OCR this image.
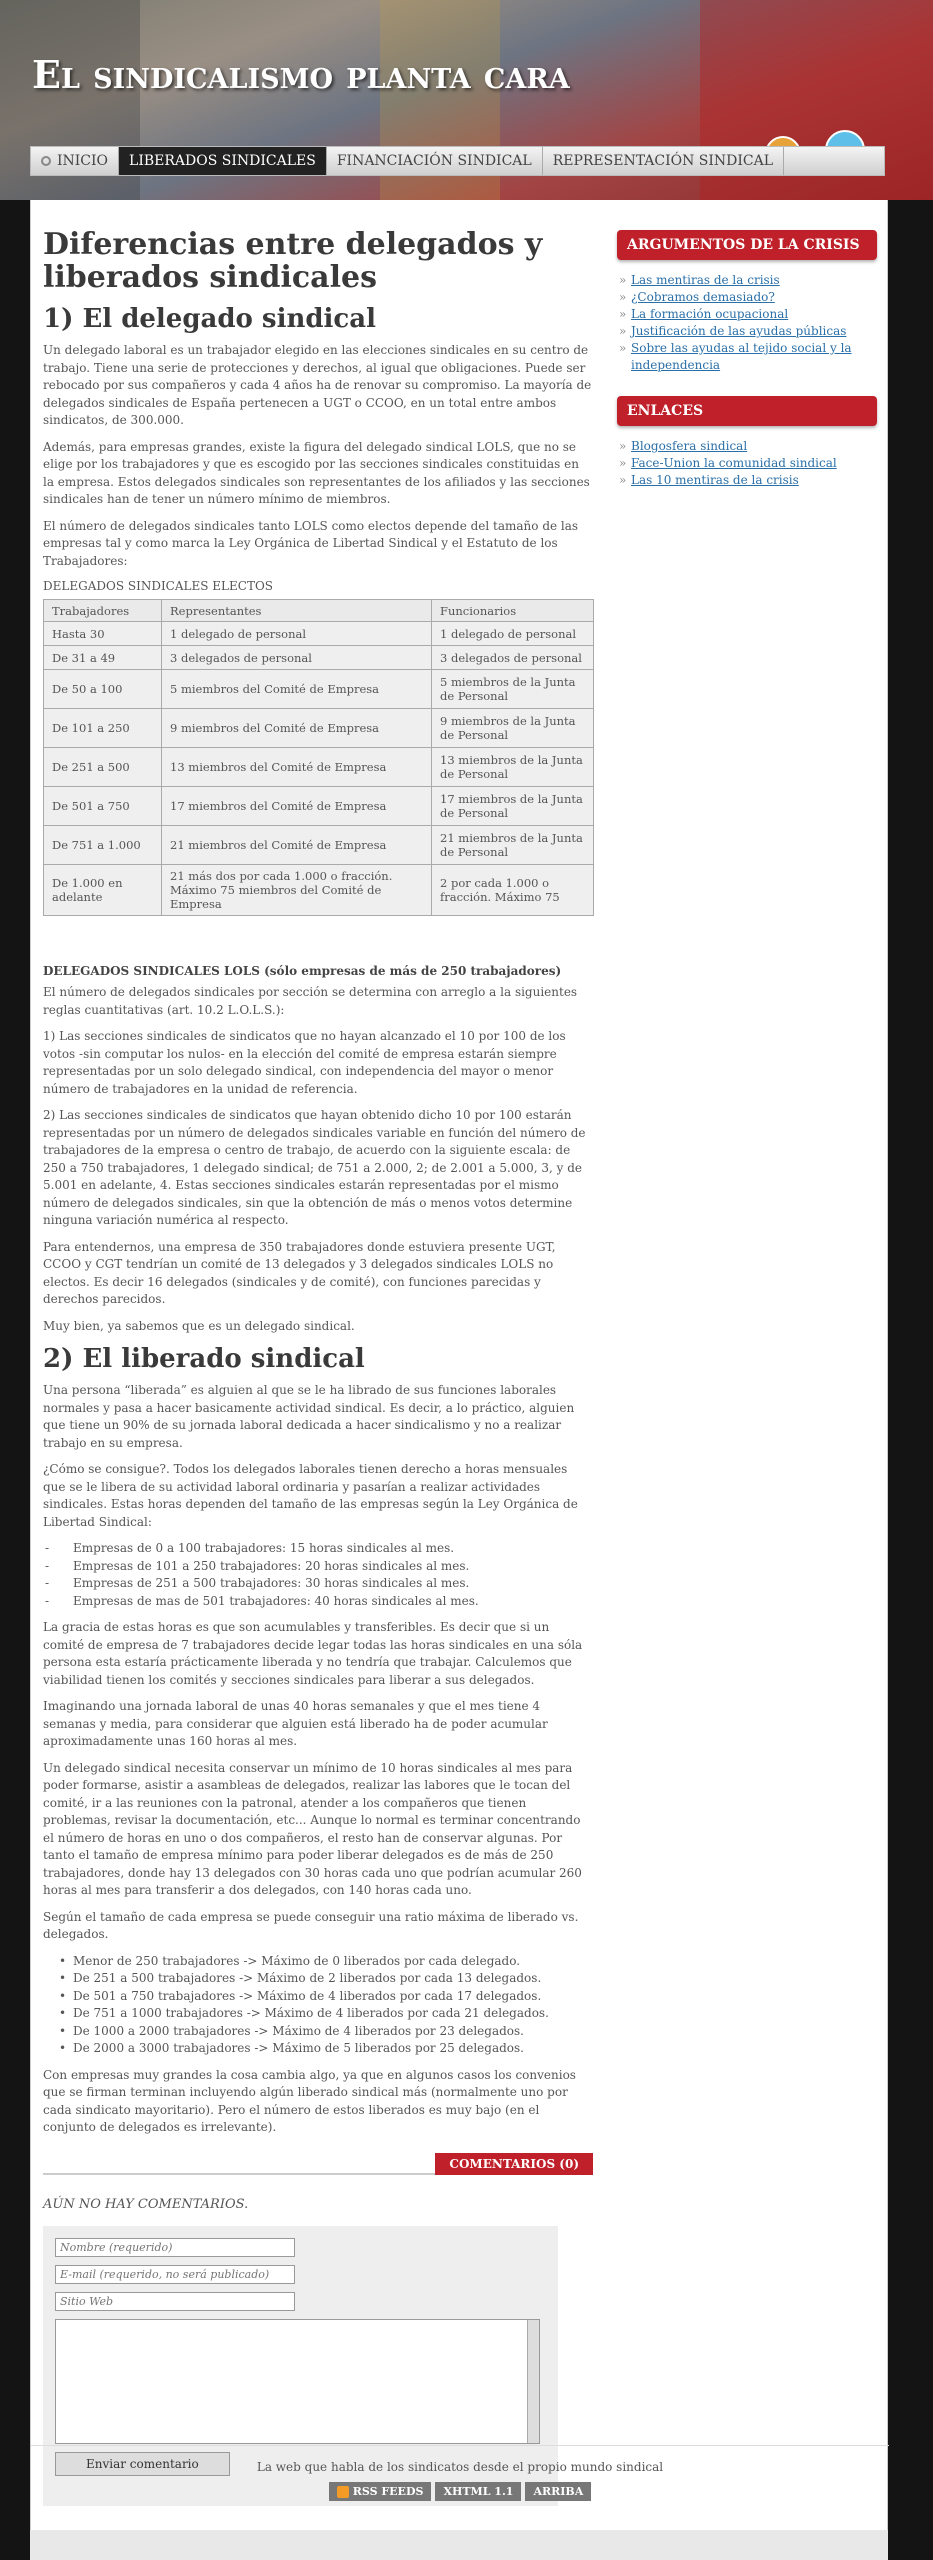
El sindicalismo planta cara
INICIO LIBERADOS SINDICALES FINANCIACIÓN SINDICAL REPRESENTACIÓN SINDICAL
Diferencias entre delegados y liberados sindicales
1) El delegado sindical

Un delegado laboral es un trabajador elegido en las elecciones sindicales en su centro de trabajo. Tiene una serie de protecciones y derechos, al igual que obligaciones. Puede ser rebocado por sus compañeros y cada 4 años ha de renovar su compromiso. La mayoría de delegados sindicales de España pertenecen a UGT o CCOO, en un total entre ambos sindicatos, de 300.000.

Además, para empresas grandes, existe la figura del delegado sindical LOLS, que no se elige por los trabajadores y que es escogido por las secciones sindicales constituidas en la empresa. Estos delegados sindicales son representantes de los afiliados y las secciones sindicales han de tener un número mínimo de miembros.

El número de delegados sindicales tanto LOLS como electos depende del tamaño de las empresas tal y como marca la Ley Orgánica de Libertad Sindical y el Estatuto de los Trabajadores:

DELEGADOS SINDICALES ELECTOS
Trabajadores	Representantes	Funcionarios
Hasta 30	1 delegado de personal	1 delegado de personal
De 31 a 49	3 delegados de personal	3 delegados de personal
De 50 a 100	5 miembros del Comité de Empresa	5 miembros de la Junta de Personal
De 101 a 250	9 miembros del Comité de Empresa	9 miembros de la Junta de Personal
De 251 a 500	13 miembros del Comité de Empresa	13 miembros de la Junta de Personal
De 501 a 750	17 miembros del Comité de Empresa	17 miembros de la Junta de Personal
De 751 a 1.000	21 miembros del Comité de Empresa	21 miembros de la Junta de Personal
De 1.000 en adelante	21 más dos por cada 1.000 o fracción. Máximo 75 miembros del Comité de Empresa	2 por cada 1.000 o fracción. Máximo 75
DELEGADOS SINDICALES LOLS (sólo empresas de más de 250 trabajadores)

El número de delegados sindicales por sección se determina con arreglo a la siguientes reglas cuantitativas (art. 10.2 L.O.L.S.):

1) Las secciones sindicales de sindicatos que no hayan alcanzado el 10 por 100 de los votos -sin computar los nulos- en la elección del comité de empresa estarán siempre representadas por un solo delegado sindical, con independencia del mayor o menor número de trabajadores en la unidad de referencia.

2) Las secciones sindicales de sindicatos que hayan obtenido dicho 10 por 100 estarán representadas por un número de delegados sindicales variable en función del número de trabajadores de la empresa o centro de trabajo, de acuerdo con la siguiente escala: de 250 a 750 trabajadores, 1 delegado sindical; de 751 a 2.000, 2; de 2.001 a 5.000, 3, y de 5.001 en adelante, 4. Estas secciones sindicales estarán representadas por el mismo número de delegados sindicales, sin que la obtención de más o menos votos determine ninguna variación numérica al respecto.

Para entendernos, una empresa de 350 trabajadores donde estuviera presente UGT, CCOO y CGT tendrían un comité de 13 delegados y 3 delegados sindicales LOLS no electos. Es decir 16 delegados (sindicales y de comité), con funciones parecidas y derechos parecidos.

Muy bien, ya sabemos que es un delegado sindical.

2) El liberado sindical

Una persona “liberada” es alguien al que se le ha librado de sus funciones laborales normales y pasa a hacer basicamente actividad sindical. Es decir, a lo práctico, alguien que tiene un 90% de su jornada laboral dedicada a hacer sindicalismo y no a realizar trabajo en su empresa.

¿Cómo se consigue?. Todos los delegados laborales tienen derecho a horas mensuales que se le libera de su actividad laboral ordinaria y pasarían a realizar actividades sindicales. Estas horas dependen del tamaño de las empresas según la Ley Orgánica de Libertad Sindical:

- Empresas de 0 a 100 trabajadores: 15 horas sindicales al mes.
- Empresas de 101 a 250 trabajadores: 20 horas sindicales al mes.
- Empresas de 251 a 500 trabajadores: 30 horas sindicales al mes.
- Empresas de mas de 501 trabajadores: 40 horas sindicales al mes.

La gracia de estas horas es que son acumulables y transferibles. Es decir que si un comité de empresa de 7 trabajadores decide legar todas las horas sindicales en una sóla persona esta estaría prácticamente liberada y no tendría que trabajar. Calculemos que viabilidad tienen los comités y secciones sindicales para liberar a sus delegados.

Imaginando una jornada laboral de unas 40 horas semanales y que el mes tiene 4 semanas y media, para considerar que alguien está liberado ha de poder acumular aproximadamente unas 160 horas al mes.

Un delegado sindical necesita conservar un mínimo de 10 horas sindicales al mes para poder formarse, asistir a asambleas de delegados, realizar las labores que le tocan del comité, ir a las reuniones con la patronal, atender a los compañeros que tienen problemas, revisar la documentación, etc... Aunque lo normal es terminar concentrando el número de horas en uno o dos compañeros, el resto han de conservar algunas. Por tanto el tamaño de empresa mínimo para poder liberar delegados es de más de 250 trabajadores, donde hay 13 delegados con 30 horas cada uno que podrían acumular 260 horas al mes para transferir a dos delegados, con 140 horas cada uno.

Según el tamaño de cada empresa se puede conseguir una ratio máxima de liberado vs. delegados.

• Menor de 250 trabajadores -> Máximo de 0 liberados por cada delegado.
• De 251 a 500 trabajadores -> Máximo de 2 liberados por cada 13 delegados.
• De 501 a 750 trabajadores -> Máximo de 4 liberados por cada 17 delegados.
• De 751 a 1000 trabajadores -> Máximo de 4 liberados por cada 21 delegados.
• De 1000 a 2000 trabajadores -> Máximo de 4 liberados por 23 delegados.
• De 2000 a 3000 trabajadores -> Máximo de 5 liberados por 25 delegados.

Con empresas muy grandes la cosa cambia algo, ya que en algunos casos los convenios que se firman terminan incluyendo algún liberado sindical más (normalmente uno por cada sindicato mayoritario). Pero el número de estos liberados es muy bajo (en el conjunto de delegados es irrelevante).

COMENTARIOS (0)
AÚN NO HAY COMENTARIOS.
Nombre (requerido)
E-mail (requerido, no será publicado)
Sitio Web
Enviar comentario
ARGUMENTOS DE LA CRISIS
» Las mentiras de la crisis
» ¿Cobramos demasiado?
» La formación ocupacional
» Justificación de las ayudas públicas
» Sobre las ayudas al tejido social y la independencia
ENLACES
» Blogosfera sindical
» Face-Union la comunidad sindical
» Las 10 mentiras de la crisis
La web que habla de los sindicatos desde el propio mundo sindical
RSS FEEDS XHTML 1.1 ARRIBA
